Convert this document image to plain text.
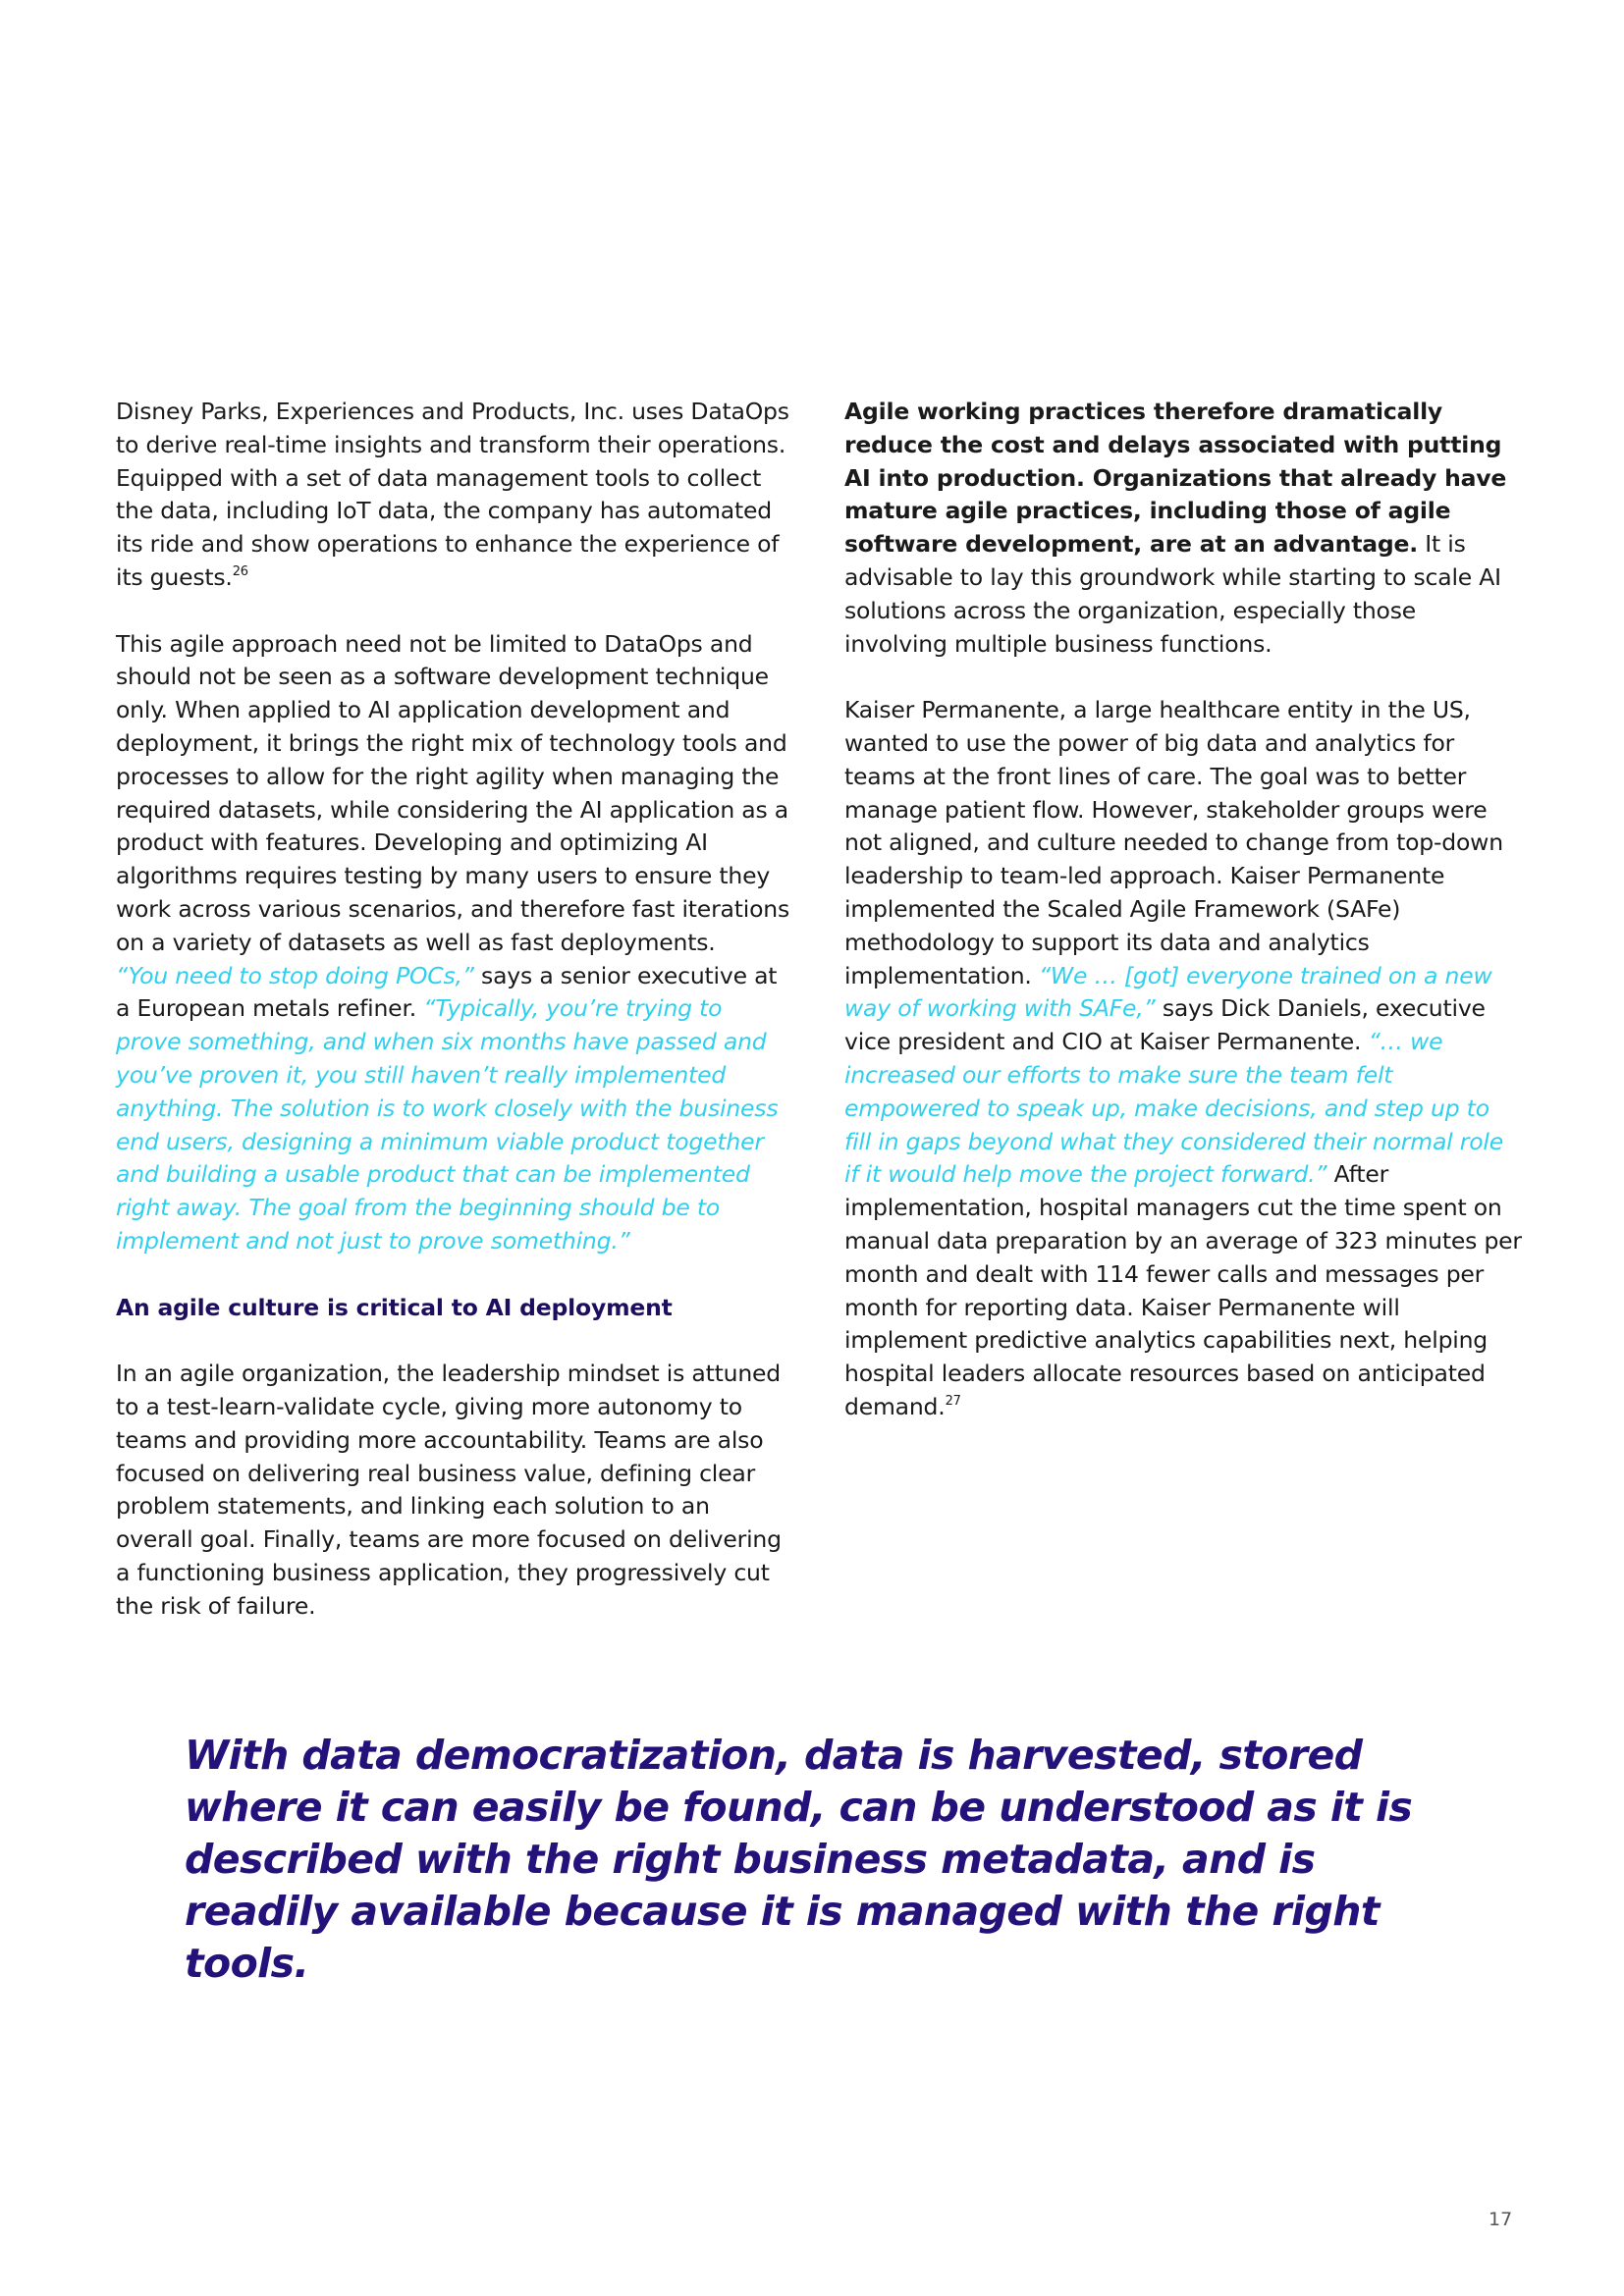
Disney Parks, Experiences and Products, Inc. uses DataOps to derive real-time insights and transform their operations. Equipped with a set of data management tools to collect the data, including IoT data, the company has automated its ride and show operations to enhance the experience of its guests.$^{26}$

This agile approach need not be limited to DataOps and should not be seen as a software development technique only. When applied to AI application development and deployment, it brings the right mix of technology tools and processes to allow for the right agility when managing the required datasets, while considering the AI application as a product with features. Developing and optimizing AI algorithms requires testing by many users to ensure they work across various scenarios, and therefore fast iterations on a variety of datasets as well as fast deployments.
“You need to stop doing POCs,” says a senior executive at a European metals refiner. “Typically, you’re trying to prove something, and when six months have passed and you’ve proven it, you still haven’t really implemented anything. The solution is to work closely with the business end users, designing a minimum viable product together and building a usable product that can be implemented right away. The goal from the beginning should be to implement and not just to prove something.”

An agile culture is critical to AI deployment

In an agile organization, the leadership mindset is attuned to a test-learn-validate cycle, giving more autonomy to teams and providing more accountability. Teams are also focused on delivering real business value, defining clear problem statements, and linking each solution to an overall goal. Finally, teams are more focused on delivering a functioning business application, they progressively cut the risk of failure.

Agile working practices therefore dramatically reduce the cost and delays associated with putting AI into production. Organizations that already have mature agile practices, including those of agile software development, are at an advantage. It is advisable to lay this groundwork while starting to scale AI solutions across the organization, especially those involving multiple business functions.

Kaiser Permanente, a large healthcare entity in the US, wanted to use the power of big data and analytics for teams at the front lines of care. The goal was to better manage patient flow. However, stakeholder groups were not aligned, and culture needed to change from top-down leadership to team-led approach. Kaiser Permanente implemented the Scaled Agile Framework (SAFe) methodology to support its data and analytics implementation. “We … [got] everyone trained on a new way of working with SAFe,” says Dick Daniels, executive vice president and CIO at Kaiser Permanente. “… we increased our efforts to make sure the team felt empowered to speak up, make decisions, and step up to fill in gaps beyond what they considered their normal role if it would help move the project forward.” After implementation, hospital managers cut the time spent on manual data preparation by an average of 323 minutes per month and dealt with 114 fewer calls and messages per month for reporting data. Kaiser Permanente will implement predictive analytics capabilities next, helping hospital leaders allocate resources based on anticipated demand.$^{27}$

With data democratization, data is harvested, stored where it can easily be found, can be understood as it is described with the right business metadata, and is readily available because it is managed with the right tools.
17
